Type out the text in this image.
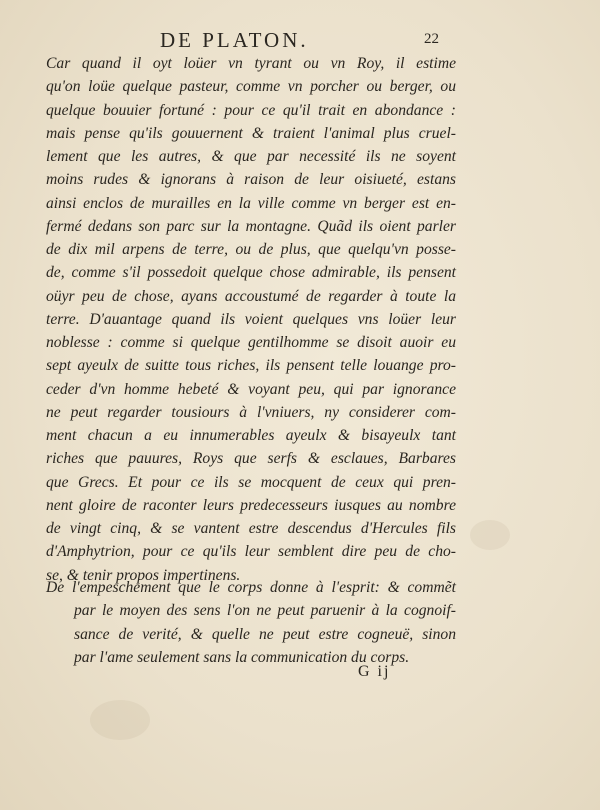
DE PLATON.	22
Car quand il oyt loüer vn tyrant ou vn Roy, il estime
qu'on loüe quelque pasteur, comme vn porcher ou berger, ou
quelque bouuier fortuné : pour ce qu'il trait en abondance :
mais pense qu'ils gouuernent & traient l'animal plus cruel-
lement que les autres, & que par necessité ils ne soyent
moins rudes & ignorans à raison de leur oisiueté, estans
ainsi enclos de murailles en la ville comme vn berger est en-
fermé dedans son parc sur la montagne. Quãd ils oient parler
de dix mil arpens de terre, ou de plus, que quelqu'vn posse-
de, comme s'il possedoit quelque chose admirable, ils pensent
oüyr peu de chose, ayans accoustumé de regarder à toute la
terre. D'auantage quand ils voient quelques vns loüer leur
noblesse : comme si quelque gentilhomme se disoit auoir eu
sept ayeulx de suitte tous riches, ils pensent telle louange pro-
ceder d'vn homme hebeté & voyant peu, qui par ignorance
ne peut regarder tousiours à l'vniuers, ny considerer com-
ment chacun a eu innumerables ayeulx & bisayeulx tant
riches que pauures, Roys que serfs & esclaues, Barbares
que Grecs. Et pour ce ils se mocquent de ceux qui pren-
nent gloire de raconter leurs predecesseurs iusques au nombre
de vingt cinq, & se vantent estre descendus d'Hercules fils
d'Amphytrion, pour ce qu'ils leur semblent dire peu de cho-
se, & tenir propos impertinens.
De l'empeschement que le corps donne à l'esprit: & commẽt
par le moyen des sens l'on ne peut paruenir à la cognoif-
sance de verité, & quelle ne peut estre cogneuë, sinon
par l'ame seulement sans la communication du corps.
G ij
